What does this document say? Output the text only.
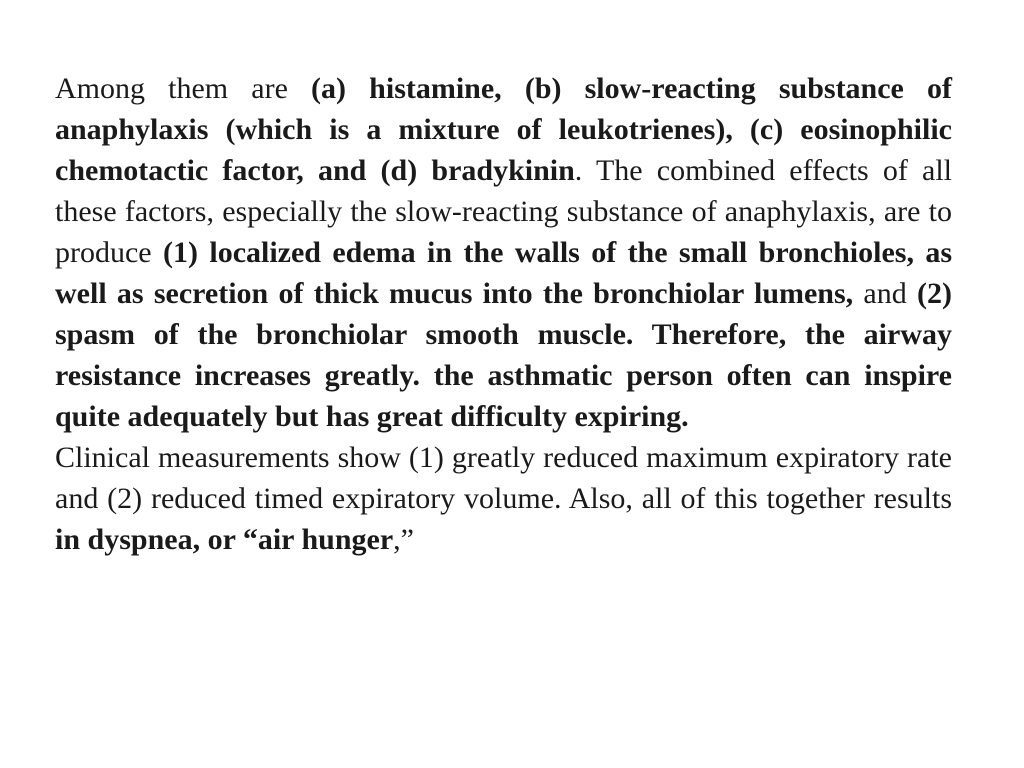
Among them are (a) histamine, (b) slow-reacting substance of anaphylaxis (which is a mixture of leukotrienes), (c) eosinophilic chemotactic factor, and (d) bradykinin. The combined effects of all these factors, especially the slow-reacting substance of anaphylaxis, are to produce (1) localized edema in the walls of the small bronchioles, as well as secretion of thick mucus into the bronchiolar lumens, and (2) spasm of the bronchiolar smooth muscle. Therefore, the airway resistance increases greatly. the asthmatic person often can inspire quite adequately but has great difficulty expiring.

Clinical measurements show (1) greatly reduced maximum expiratory rate and (2) reduced timed expiratory volume. Also, all of this together results in dyspnea, or “air hunger,”
